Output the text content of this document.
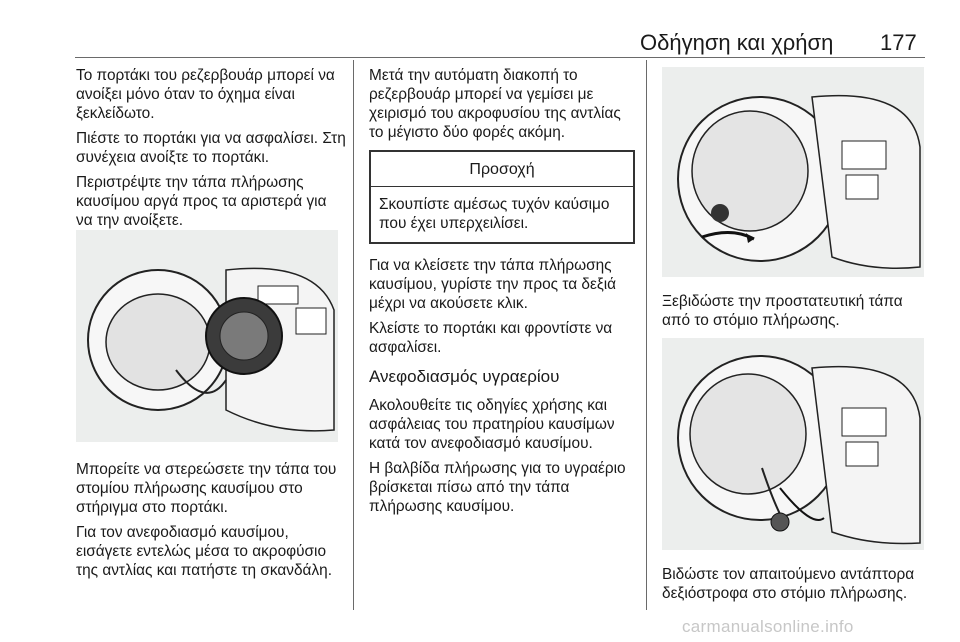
Οδήγηση και χρήση 177

Το πορτάκι του ρεζερβουάρ μπορεί να ανοίξει μόνο όταν το όχημα είναι ξεκλείδωτο.

Πιέστε το πορτάκι για να ασφαλίσει. Στη συνέχεια ανοίξτε το πορτάκι.

Περιστρέψτε την τάπα πλήρωσης καυσίμου αργά προς τα αριστερά για να την ανοίξετε.

Μπορείτε να στερεώσετε την τάπα του στομίου πλήρωσης καυσίμου στο στήριγμα στο πορτάκι.

Για τον ανεφοδιασμό καυσίμου, εισάγετε εντελώς μέσα το ακροφύσιο της αντλίας και πατήστε τη σκανδάλη.

Μετά την αυτόματη διακοπή το ρεζερβουάρ μπορεί να γεμίσει με χειρισμό του ακροφυσίου της αντλίας το μέγιστο δύο φορές ακόμη.

Προσοχή
Σκουπίστε αμέσως τυχόν καύσιμο που έχει υπερχειλίσει.

Για να κλείσετε την τάπα πλήρωσης καυσίμου, γυρίστε την προς τα δεξιά μέχρι να ακούσετε κλικ.

Κλείστε το πορτάκι και φροντίστε να ασφαλίσει.

Ανεφοδιασμός υγραερίου

Ακολουθείτε τις οδηγίες χρήσης και ασφάλειας του πρατηρίου καυσίμων κατά τον ανεφοδιασμό καυσίμου.

Η βαλβίδα πλήρωσης για το υγραέριο βρίσκεται πίσω από την τάπα πλήρωσης καυσίμου.

Ξεβιδώστε την προστατευτική τάπα από το στόμιο πλήρωσης.

Βιδώστε τον απαιτούμενο αντάπτορα δεξιόστροφα στο στόμιο πλήρωσης.

carmanualsonline.info
